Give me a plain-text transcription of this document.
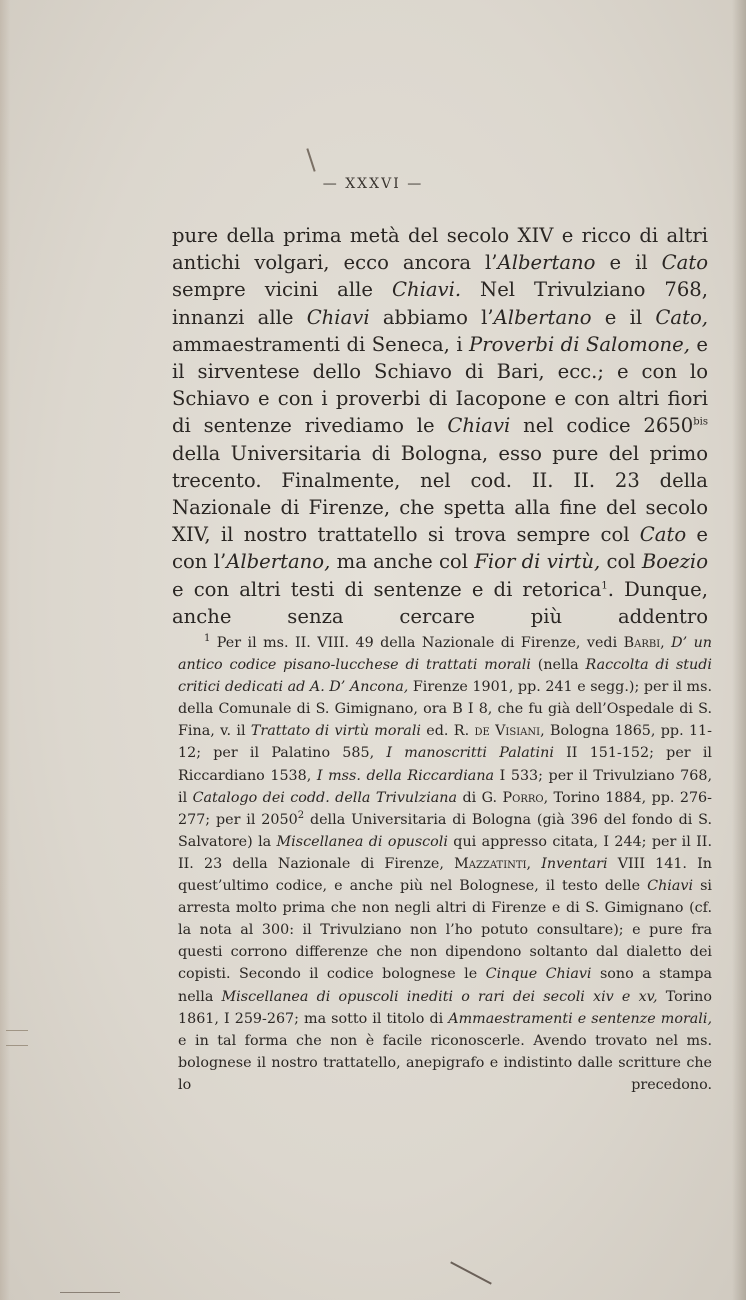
— XXXVI —

pure della prima metà del secolo XIV e ricco di altri antichi volgari, ecco ancora l’Albertano e il Cato sempre vicini alle Chiavi. Nel Trivulziano 768, innanzi alle Chiavi abbiamo l’Albertano e il Cato, ammaestramenti di Seneca, i Proverbi di Salomone, e il sirventese dello Schiavo di Bari, ecc.; e con lo Schiavo e con i proverbi di Iacopone e con altri fiori di sentenze rivediamo le Chiavi nel codice $2650^{bis}$ della Universitaria di Bologna, esso pure del primo trecento. Finalmente, nel cod. II. II. 23 della Nazionale di Firenze, che spetta alla fine del secolo XIV, il nostro trattatello si trova sempre col Cato e con l’Albertano, ma anche col Fior di virtù, col Boezio e con altri testi di sentenze e di retorica$^1$. Dunque, anche senza cercare più addentro

$^1$ Per il ms. II. VIII. 49 della Nazionale di Firenze, vedi Barbi, D’ un antico codice pisano-lucchese di trattati morali (nella Raccolta di studi critici dedicati ad A. D’ Ancona, Firenze 1901, pp. 241 e segg.); per il ms. della Comunale di S. Gimignano, ora B I 8, che fu già dell’Ospedale di S. Fina, v. il Trattato di virtù morali ed. R. de Visiani, Bologna 1865, pp. 11-12; per il Palatino 585, I manoscritti Palatini II 151-152; per il Riccardiano 1538, I mss. della Riccardiana I 533; per il Trivulziano 768, il Catalogo dei codd. della Trivulziana di G. Porro, Torino 1884, pp. 276-277; per il 2050$^2$ della Universitaria di Bologna (già 396 del fondo di S. Salvatore) la Miscellanea di opuscoli qui appresso citata, I 244; per il II. II. 23 della Nazionale di Firenze, Mazzatinti, Inventari VIII 141. In quest’ultimo codice, e anche più nel Bolognese, il testo delle Chiavi si arresta molto prima che non negli altri di Firenze e di S. Gimignano (cf. la nota al 300: il Trivulziano non l’ho potuto consultare); e pure fra questi corrono differenze che non dipendono soltanto dal dialetto dei copisti. Secondo il codice bolognese le Cinque Chiavi sono a stampa nella Miscellanea di opuscoli inediti o rari dei secoli xiv e xv, Torino 1861, I 259-267; ma sotto il titolo di Ammaestramenti e sentenze morali, e in tal forma che non è facile riconoscerle. Avendo trovato nel ms. bolognese il nostro trattatello, anepigrafo e indistinto dalle scritture che lo precedono.
